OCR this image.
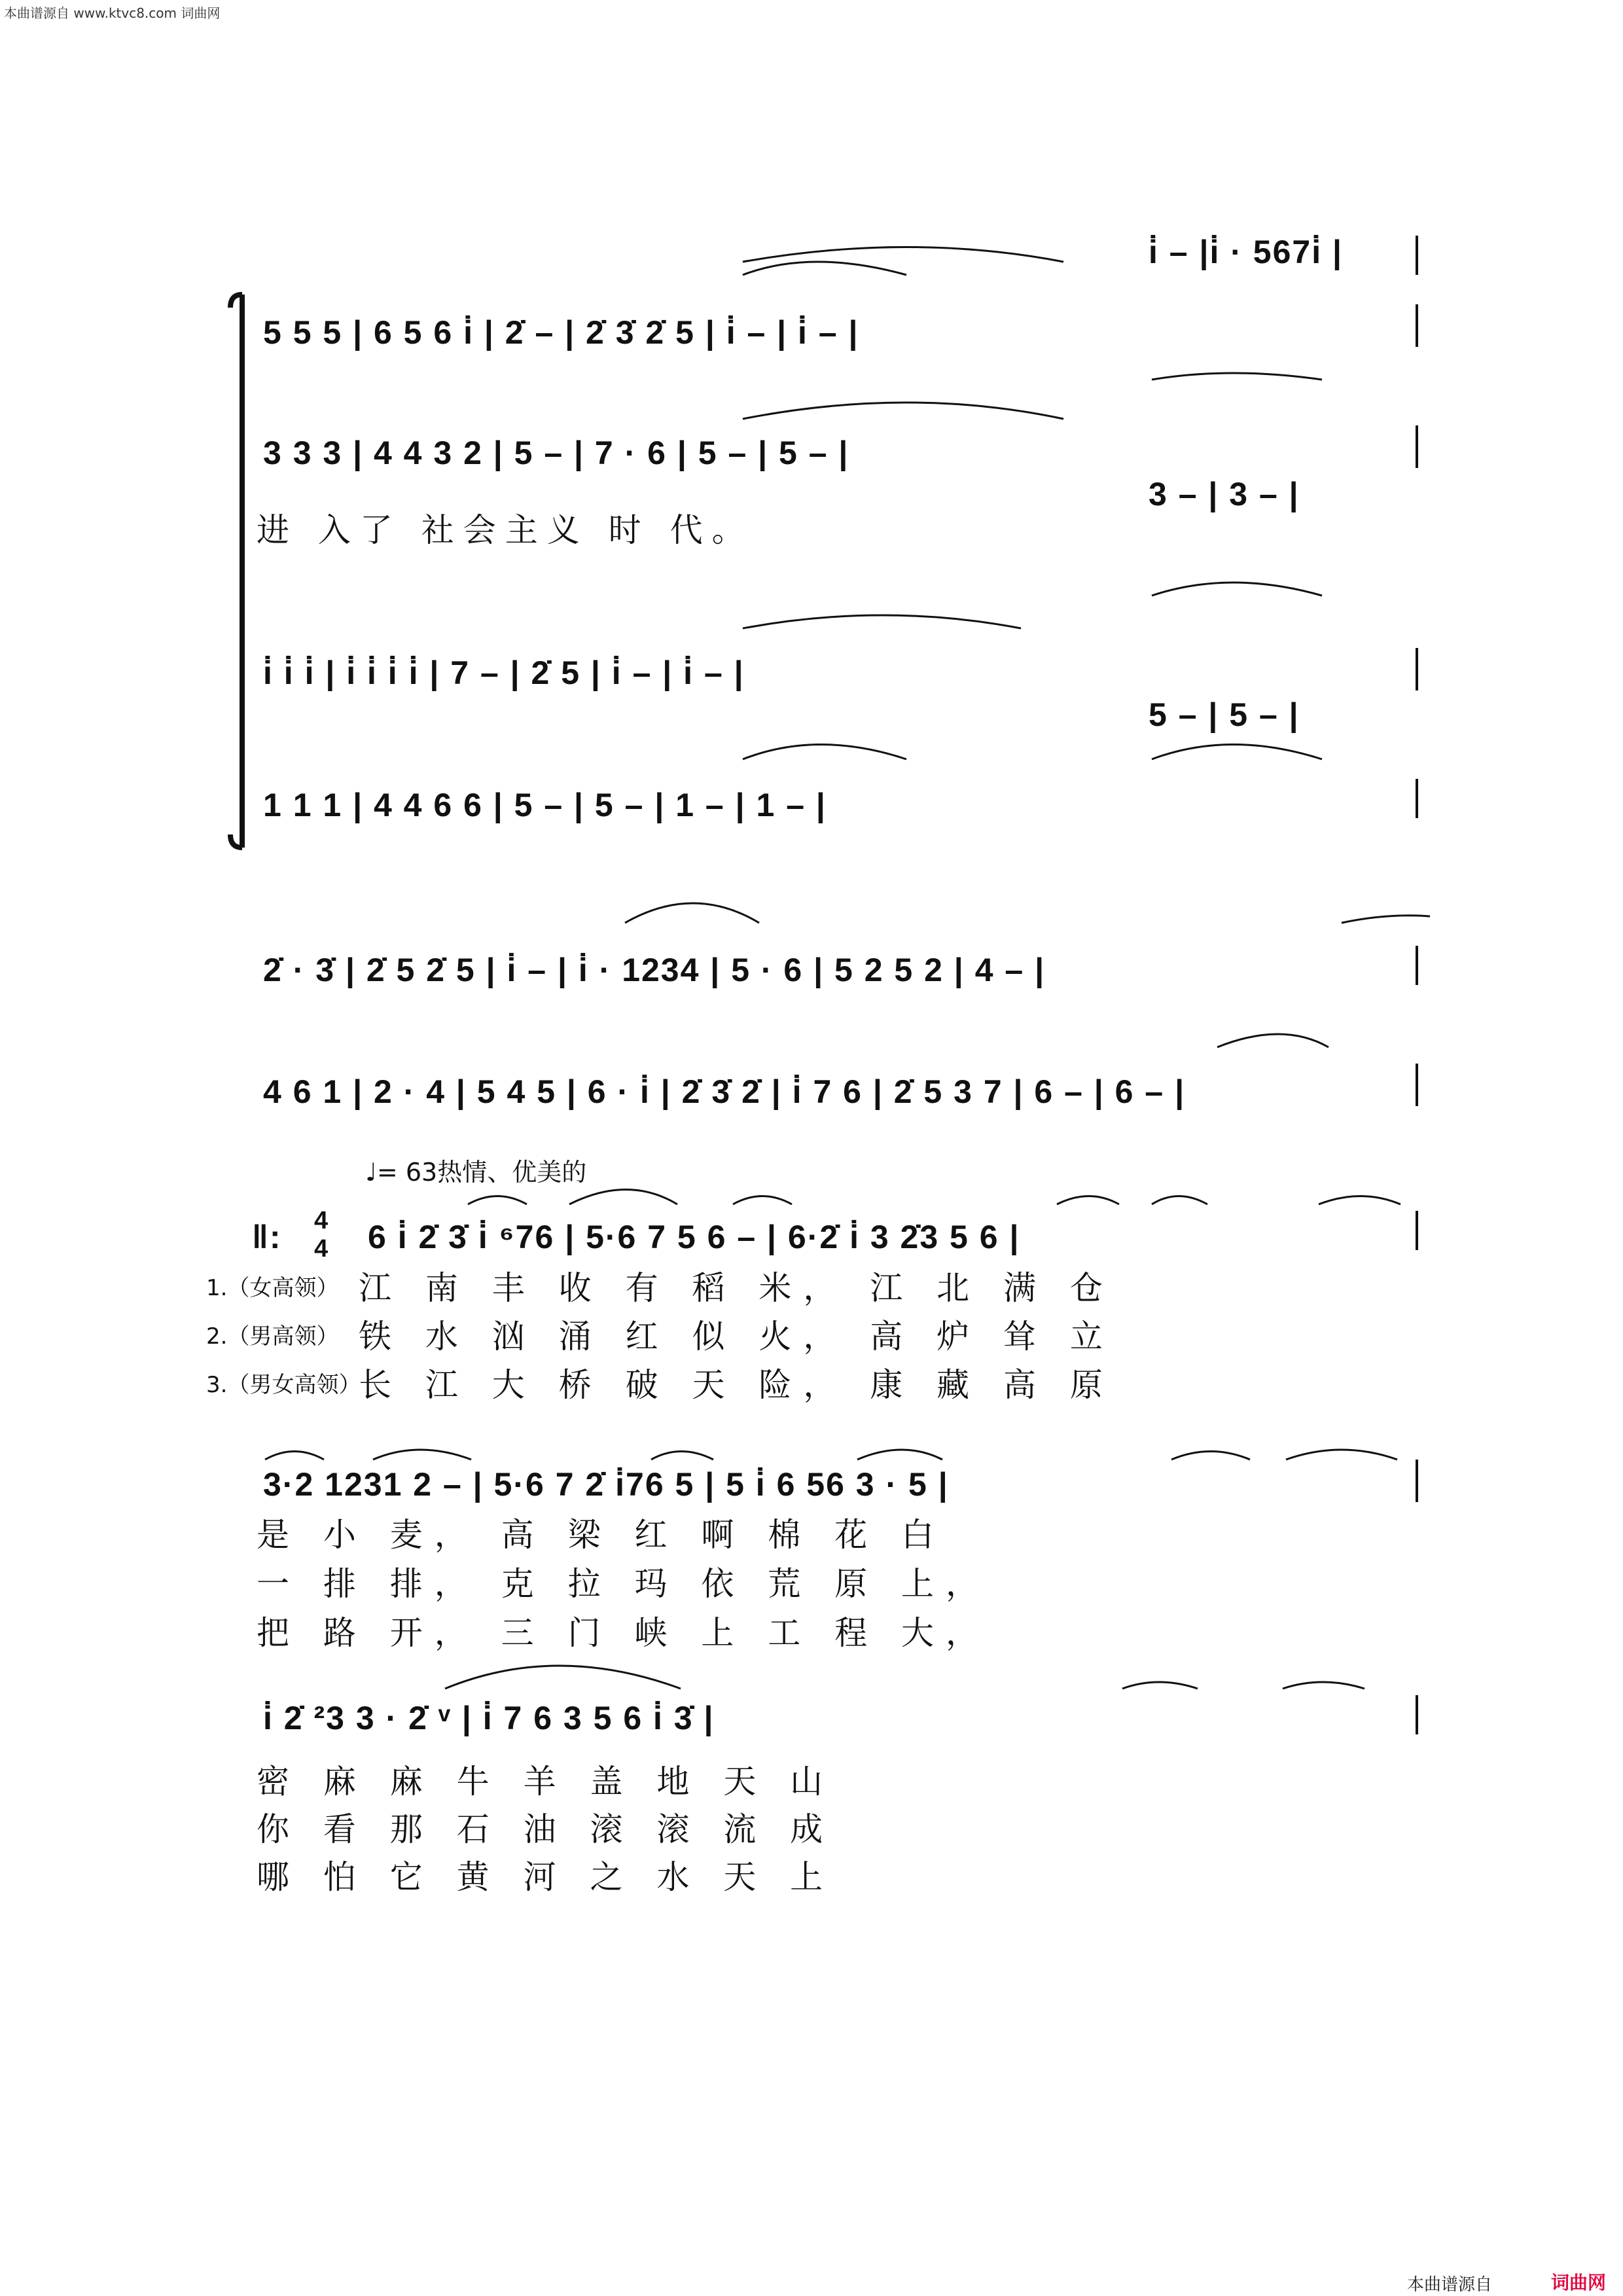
本曲谱源自 www.ktvc8.com 词曲网
i̇ – |i̇ · 567i̇ |
5 5 5 | 6 5 6 i̇ | 2̇ – | 2̇ 3̇ 2̇ 5 | i̇ – | i̇ – |
3 3 3 | 4 4 3 2 | 5 – | 7 · 6 | 5 – | 5 – |
3 – | 3 – |
进 入了 社会主义 时 代。
i̇ i̇ i̇ | i̇ i̇ i̇ i̇ | 7 – | 2̇ 5 | i̇ – | i̇ – |
5 – | 5 – |
1 1 1 | 4 4 6 6 | 5 – | 5 – | 1 – | 1 – |
2̇ · 3̇ | 2̇ 5 2̇ 5 | i̇ – | i̇ · 1234 | 5 · 6 | 5 2 5 2 | 4 – |
4 6 1 | 2 · 4 | 5 4 5 | 6 · i̇ | 2̇ 3̇ 2̇ | i̇ 7 6 | 2̇ 5 3 7 | 6 – | 6 – |
♩= 63热情、优美的
‖: 4
4 6 i̇ 2̇ 3̇ i̇ ⁶76 | 5·6 7 5 6 – | 6·2̇ i̇ 3 2̇3 5 6 |
1.（女高领）
2.（男高领）
3.（男女高领）
江 南 丰 收 有 稻 米， 江 北 满 仓
铁 水 汹 涌 红 似 火， 高 炉 耸 立
长 江 大 桥 破 天 险， 康 藏 高 原
3·2 1231 2 – | 5·6 7 2̇ i̇76 5 | 5 i̇ 6 56 3 · 5 |
是 小 麦， 高 梁 红 啊 棉 花 白
一 排 排， 克 拉 玛 依 荒 原 上，
把 路 开， 三 门 峡 上 工 程 大，
i̇ 2̇ ²3 3 · 2̇ ᵛ | i̇ 7 6 3 5 6 i̇ 3̇ |
密 麻 麻 牛 羊 盖 地 天 山
你 看 那 石 油 滚 滚 流 成
哪 怕 它 黄 河 之 水 天 上
本曲谱源自	词曲网
